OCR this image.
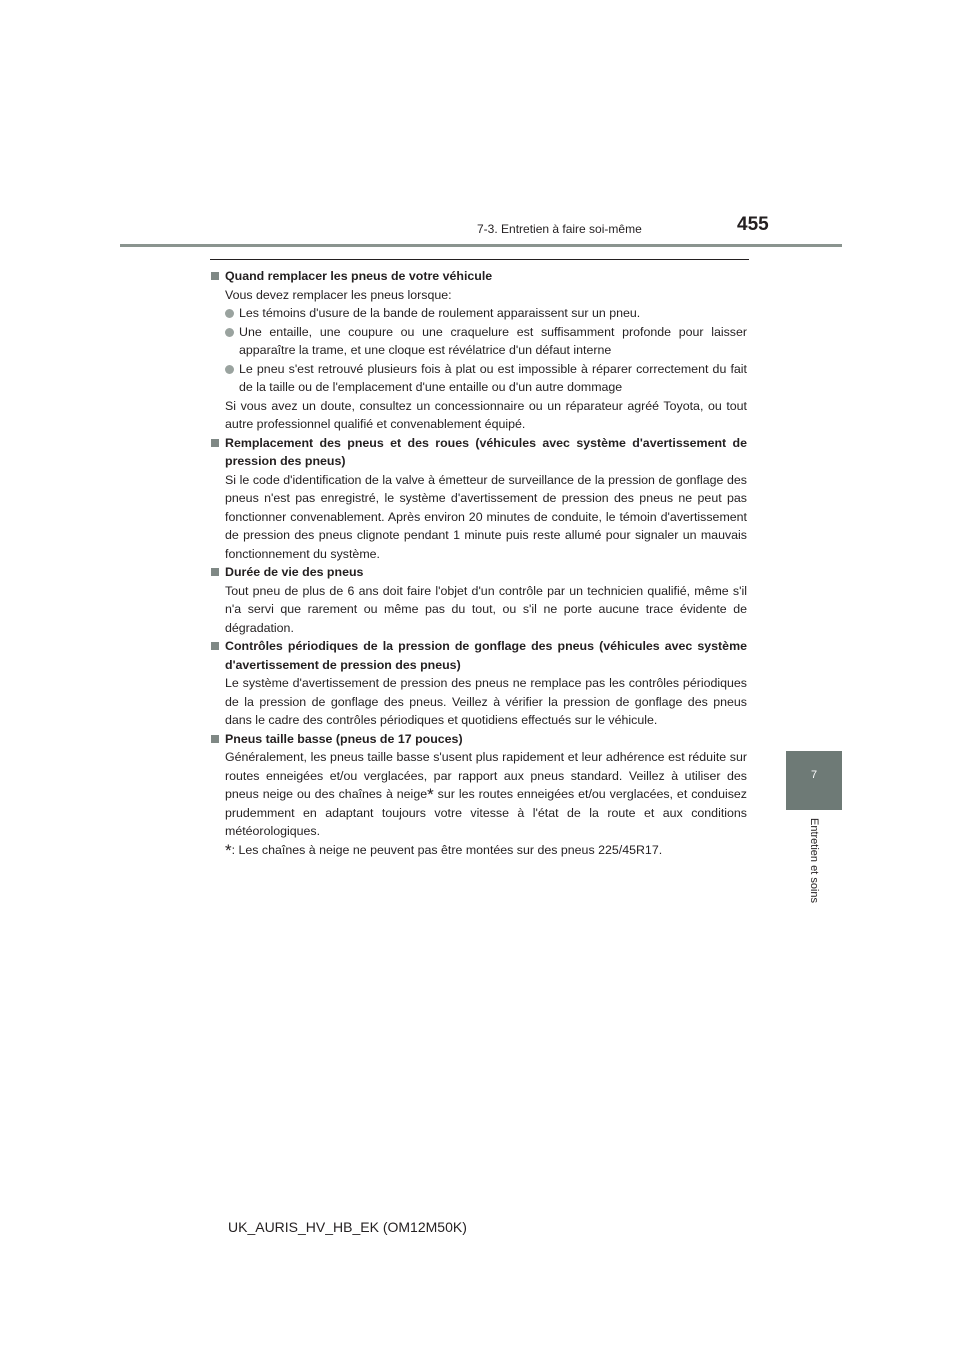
7-3. Entretien à faire soi-même	455
7
Entretien et soins

Quand remplacer les pneus de votre véhicule

Vous devez remplacer les pneus lorsque:

Les témoins d'usure de la bande de roulement apparaissent sur un pneu.

Une entaille, une coupure ou une craquelure est suffisamment profonde pour laisser apparaître la trame, et une cloque est révélatrice d'un défaut interne

Le pneu s'est retrouvé plusieurs fois à plat ou est impossible à réparer correctement du fait de la taille ou de l'emplacement d'une entaille ou d'un autre dommage

Si vous avez un doute, consultez un concessionnaire ou un réparateur agréé Toyota, ou tout autre professionnel qualifié et convenablement équipé.

Remplacement des pneus et des roues (véhicules avec système d'avertissement de pression des pneus)

Si le code d'identification de la valve à émetteur de surveillance de la pression de gonflage des pneus n'est pas enregistré, le système d'avertissement de pression des pneus ne peut pas fonctionner convenablement. Après environ 20 minutes de conduite, le témoin d'avertissement de pression des pneus clignote pendant 1 minute puis reste allumé pour signaler un mauvais fonctionnement du système.

Durée de vie des pneus

Tout pneu de plus de 6 ans doit faire l'objet d'un contrôle par un technicien qualifié, même s'il n'a servi que rarement ou même pas du tout, ou s'il ne porte aucune trace évidente de dégradation.

Contrôles périodiques de la pression de gonflage des pneus (véhicules avec système d'avertissement de pression des pneus)

Le système d'avertissement de pression des pneus ne remplace pas les contrôles périodiques de la pression de gonflage des pneus. Veillez à vérifier la pression de gonflage des pneus dans le cadre des contrôles périodiques et quotidiens effectués sur le véhicule.

Pneus taille basse (pneus de 17 pouces)

Généralement, les pneus taille basse s'usent plus rapidement et leur adhérence est réduite sur routes enneigées et/ou verglacées, par rapport aux pneus standard. Veillez à utiliser des pneus neige ou des chaînes à neige* sur les routes enneigées et/ou verglacées, et conduisez prudemment en adaptant toujours votre vitesse à l'état de la route et aux conditions météorologiques.

*: Les chaînes à neige ne peuvent pas être montées sur des pneus 225/45R17.

UK_AURIS_HV_HB_EK (OM12M50K)
